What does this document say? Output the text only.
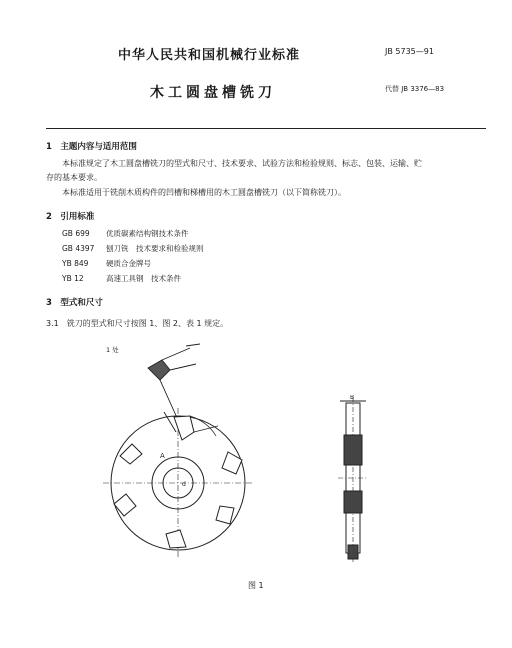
中华人民共和国机械行业标准	JB 5735—91
木工圆盘槽铣刀	代替 JB 3376—83
1　主题内容与适用范围
本标准规定了木工圆盘槽铣刀的型式和尺寸、技术要求、试验方法和检验规则、标志、包装、运输、贮
存的基本要求。
本标准适用于铣削木质构件的凹槽和梯槽用的木工圆盘槽铣刀（以下简称铣刀）。
2　引用标准
GB 699 优质碳素结构钢技术条件
GB 4397 刨刀铣　技术要求和检验规则
YB 849 硬质合金牌号
YB 12	高速工具钢　技术条件
3　型式和尺寸
3.1　铣刀的型式和尺寸按图 1、图 2、表 1 规定。
1 处
A
d
B
图 1
